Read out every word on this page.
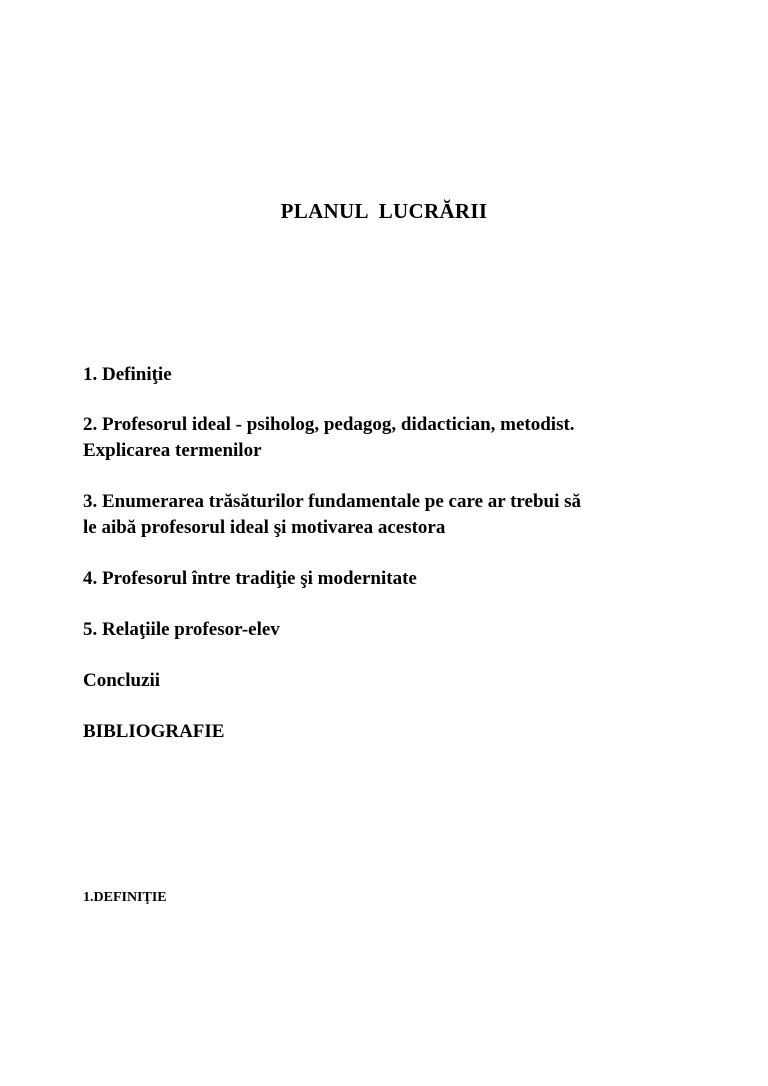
PLANUL  LUCRĂRII
1. Definiţie
2. Profesorul ideal - psiholog, pedagog, didactician, metodist.
Explicarea termenilor
3. Enumerarea trăsăturilor fundamentale pe care ar trebui să
le aibă profesorul ideal şi motivarea acestora
4. Profesorul între tradiţie şi modernitate
5. Relaţiile profesor-elev
Concluzii
BIBLIOGRAFIE
1.DEFINIŢIE
